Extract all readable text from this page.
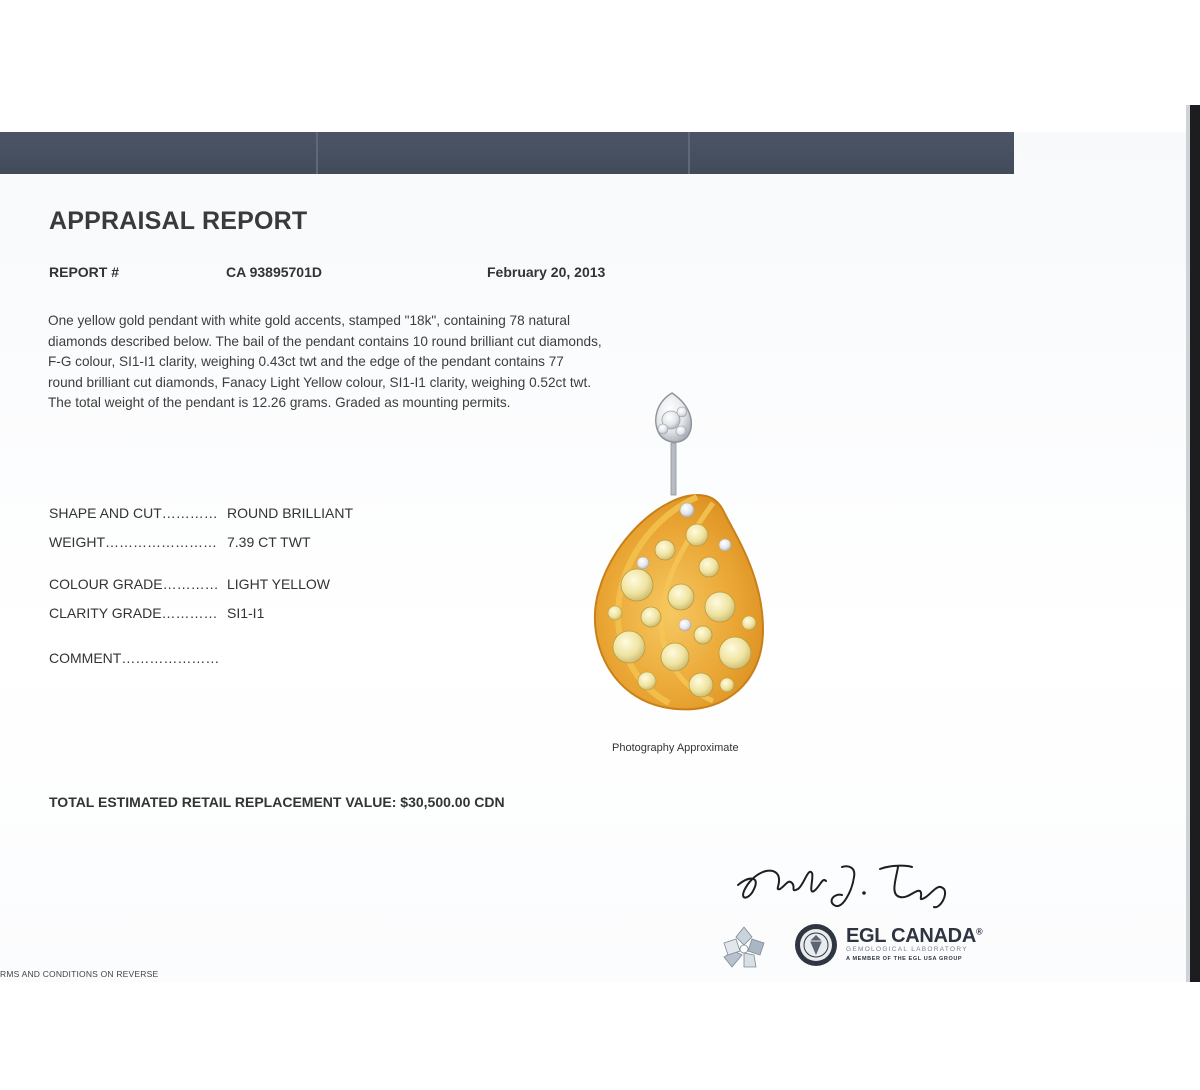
APPRAISAL REPORT
REPORT #	CA 93895701D	February 20, 2013
One yellow gold pendant with white gold accents, stamped "18k", containing 78 natural
diamonds described below. The bail of the pendant contains 10 round brilliant cut diamonds,
F-G colour, SI1-I1 clarity, weighing 0.43ct twt and the edge of the pendant contains 77
round brilliant cut diamonds, Fanacy Light Yellow colour, SI1-I1 clarity, weighing 0.52ct twt.
The total weight of the pendant is 12.26 grams. Graded as mounting permits.
SHAPE AND CUT………… ROUND BRILLIANT
WEIGHT…………………… 7.39 CT TWT
COLOUR GRADE………… LIGHT YELLOW
CLARITY GRADE………… SI1-I1
COMMENT…………………
Photography Approximate
TOTAL ESTIMATED RETAIL REPLACEMENT VALUE: $30,500.00 CDN
EGL CANADA®
GEMOLOGICAL LABORATORY
A MEMBER OF THE EGL USA GROUP
RMS AND CONDITIONS ON REVERSE
